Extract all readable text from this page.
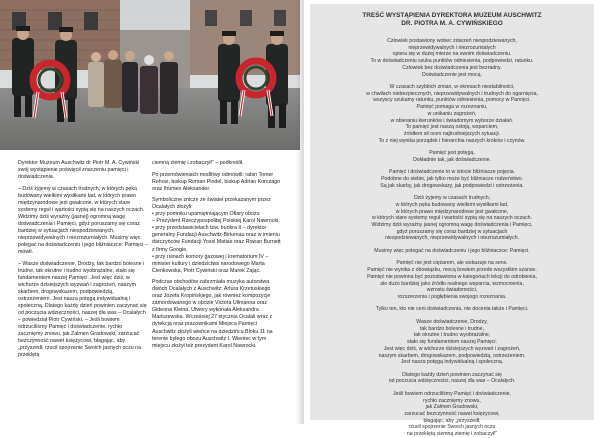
Dyrektor Muzeum Auschwitz dr Piotr M. A. Cywiński swój wystąpienie poświęcił znaczeniu pamięci i doświadczenia.

– Dziś żyjemy w czasach trudnych, w których pęka budowany wielkimi wysiłkami ład, w których prawo międzynarodowe jest gwałcone, w których stare systemy reguł i wartości sypią się na naszych oczach. Widzimy dziś wyraźny (jasnej) ogromną wagę doświadczenia i Pamięci, gdyż poruszamy się coraz bardziej w sytuacjach niespodziewanych, nieprzewidywalnych i niezrozumiałych. Musimy więc polegać na doświadczeniu i jego bliźniaczce: Pamięci – mówił.

– Wasze doświadczenie, Drodzy, tak bardzo bolesne i trudne, tak okrutne i trudno wyobrażalne, stało się fundamentem naszej Pamięci. Jest więc dziś, w wichurze dzisiejszych wyzwań i zagrożeń, naszym skarbem, drogowskazem, podpowiedzią, ostrzeżeniem. Jest nasza potęgą indywidualną i społeczną. Dlatego każdy dzień powinien zaczynać się od poczucia wdzięczności, naszej dla was – Ocalałych – powiedział Piotr Cywiński. – Jeśli bowiem odrzuciliśmy Pamięć i doświadczenie, rychło zacznięmy znowu, jak Zalmen Gradowski, zarzucać bezczynność nawet księżycowi, błagając, aby „przyszedł, rzucił spojrzenie Swoich jasnych oczu na przeklętą

ciemną ziemię i zobaczył!” – podkreślił.

Po przemówieniach modlitwy odmówili: rabin Tomer Rehovi, biskup Roman Pindel, biskup Adrian Korczago oraz Ihumen Aleksander.

Symboliczne znicze ze świateł przekazanym przez Ocalałych złożyli:
• przy pomniku upamiętniającym Ofiary obozu
– Prezydent Rzeczypospolitej Polskiej Karol Nawrocki,
• przy przedstawicielach tzw. bunkra II – dyrektor generalny Fundacji Auschwitz-Birkenau oraz w imieniu darczyńców Fundacji Yossi Matias oraz Rowan Burnett z firmy Google,
• przy ruinach komory gazowej i krematorium IV – minister kultury i dziedzictwa narodowego Marta Cienkowska, Piotr Cywiński oraz Marek Zając.

Podczas obchodów zabrzmiała muzyka autorstwa dwóch Ocalałych z Auschwitz: Artura Krzetuskiego oraz Józefa Kropińskiego, jak również kompozycje zamordowanego w obozie Victora Ullmanna oraz Gideona Kleina. Utwory wykonała Aleksandra Mariszewska. Wcześniej 27 stycznia Ocalali wraz z dyrekcją oraz pracownikami Miejsca Pamięci Auschwitz złożyli wieńce na dziedzińcu Bloku 11 na terenie byłego obozu Auschwitz I. Wieniec w tym miejscu złożył też prezydent Karol Nawrocki.

TREŚĆ WYSTĄPIENIA DYREKTORA MUZEUM AUSCHWITZ
DR. PIOTRA M. A. CYWIŃSKIEGO
Człowiek postawiony wobec zdarzeń niespodziewanych,
nieprzewidywalnych i niezrozumiałych
opiera się w dużej mierze na swoim doświadczeniu.
To w doświadczeniu szuka punktów odniesienia, podpowiedzi, ratunku.
Człowiek bez doświadczenia jest bezradny.
Doświadczenie jest mocą.
W czasach szybkich zmian, w okresach niestabilności,
w chwilach niebezpiecznych, nieprzewidywalnych i trudnych do ogarnięcia,
wszyscy szukamy ratunku, punktów odniesienia, pomocy w Pamięci.
Pamięć pomaga w rozeznaniu,
w unikaniu zagrożeń,
w obieraniu kierunków i świadomym wyborze działań.
To pamięć jest naszą ostoją, wsparciem,
źródłem sił ocen najtrudniejszych sytuacji.
To z niej wynika porządek i hierarchia naszych kroków i czynów.
Pamięć jest potęgą.
Dokładnie tak, jak doświadczenie.
Pamięć i doświadczenie to w istocie bliźniacze pojęcia.
Podobne do siebie, jak tylko może być bliźniacze rodzeństwo.
Są jak skarby, jak drogowskazy, jak podpowiedzi i ostrzeżenia.
Dziś żyjemy w czasach trudnych,
w których pęka budowany wielkimi wysiłkami ład,
w których prawo międzynarodowe jest gwałcone,
w których stare systemy reguł i wartości sypią się na naszych oczach.
Widzimy dziś wyraźny jasnej ogromną wagę doświadczenia i Pamięci,
gdyż poruszamy się coraz bardziej w sytuacjach
niespodziewanych, nieprzewidywalnych i niezrozumiałych.
Musimy więc polegać na doświadczeniu i jego bliźniaczce: Pamięci.
Pamięć nie jest ciężarem, ale wskazuje na sens.
Pamięć nie wynika z obowiązku, mocą bowiem przede wszystkim szanse.
Pamięć nie powinna być pozostawiona w kategoriach lekcji do odrobienia,
ale dużo bardziej jako źródło realnego wsparcia, wzmocnienia,
wzrostu świadomości,
rozszerzenia i pogłębienia swojego rozeznania.
Tylko ten, kto nie ceni doświadczenia, nie docenia także i Pamięci.
Wasze doświadczenie, Drodzy,
tak bardzo bolesne i trudne,
tak okrutne i trudno wyobrażalne,
stało się fundamentem naszej Pamięci.
Jest więc dziś, w wichurze dzisiejszych wyzwań i zagrożeń,
naszym skarbem, drogowskazem, podpowiedzią, ostrzeżeniem.
Jest nasza potęgą indywidualną i społeczną.
Dlatego każdy dzień powinien zaczynać się
od poczucia wdzięczności, naszej dla was – Ocalałych.
Jeśli bowiem odrzuciliśmy Pamięć i doświadczenie,
rychło zacznięmy znowu,
jak Zalmen Gradowski,
zarzucać bezczynność nawet księżycowi,
błagając, aby „przyszedł,
rzucił spojrzenie Swoich jasnych oczu
na przeklętą ciemną ziemię i zobaczył!”
